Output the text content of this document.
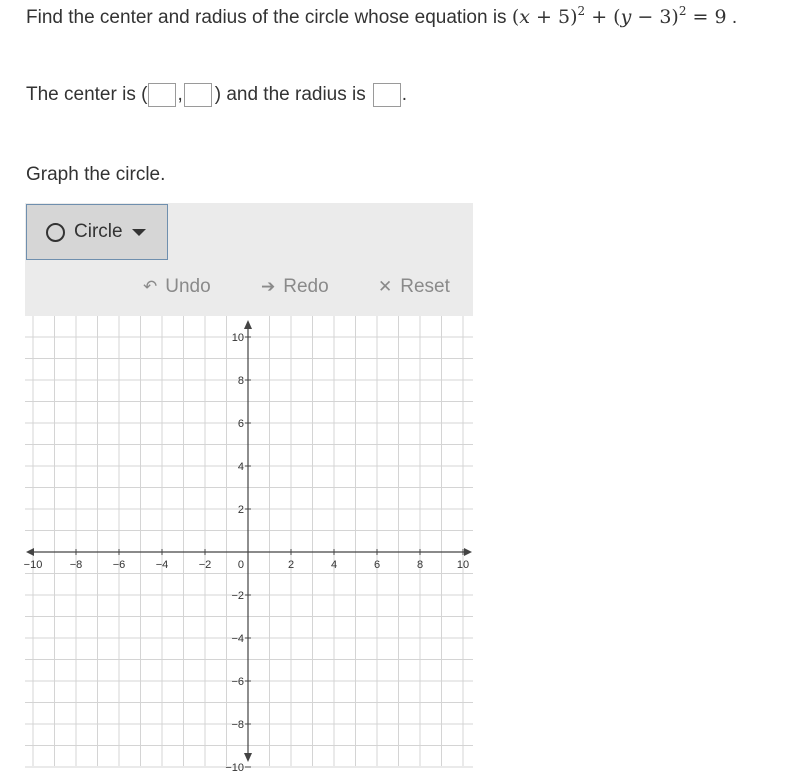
Find the center and radius of the circle whose equation is $(x + 5)^2 + (y - 3)^2 = 9$ .
The center is ( , ) and the radius is .
Graph the circle.
Circle
↶ Undo	➔ Redo	✕ Reset
−10 −8	−6	−4	−2	2	4	6	8	10
10
8
6
4
2
−2
−4
−6
−8
−10
0
